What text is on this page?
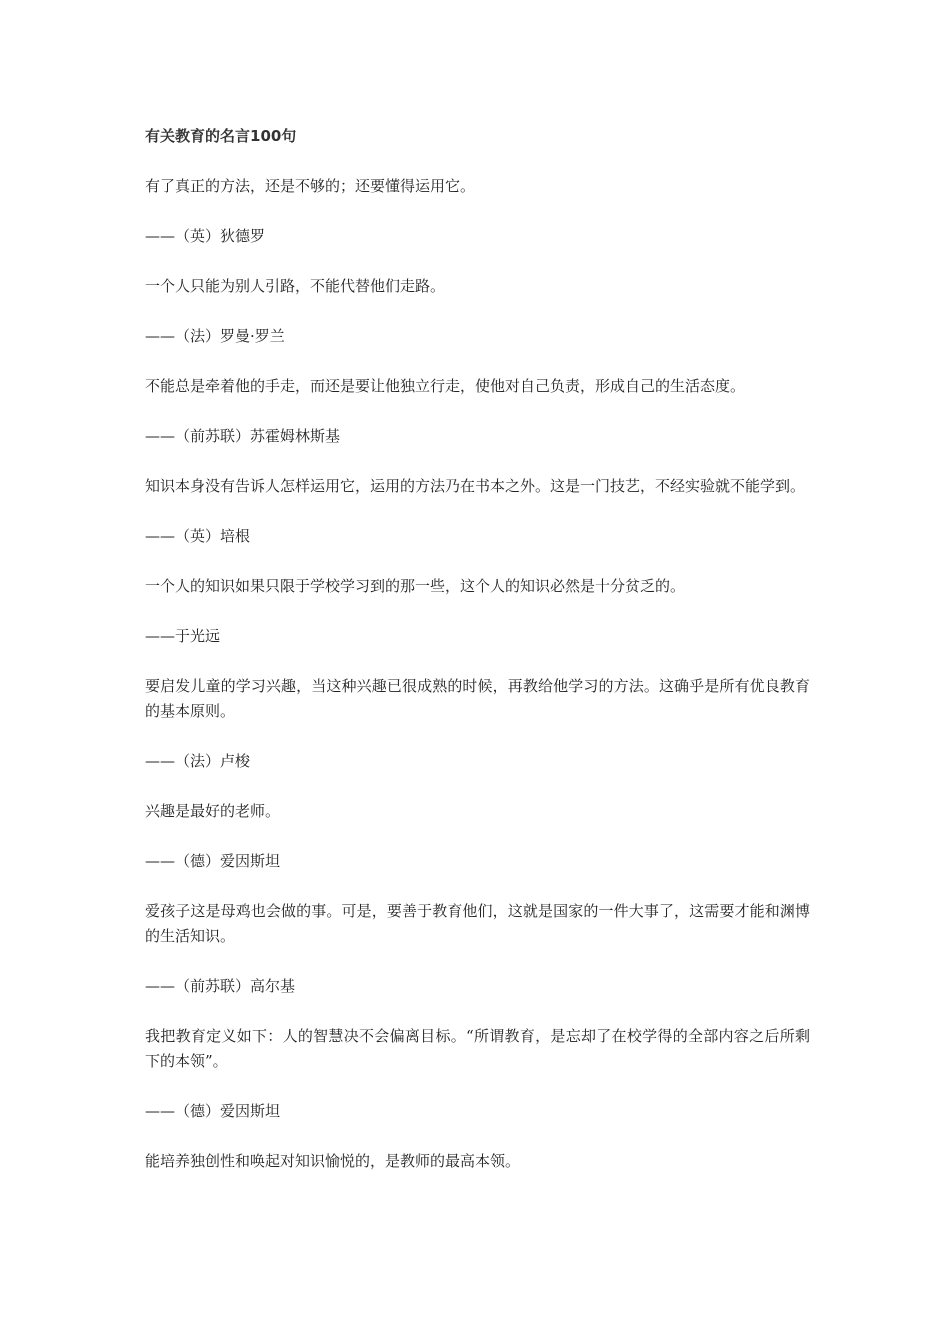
有关教育的名言100句

有了真正的方法，还是不够的；还要懂得运用它。

——（英）狄德罗

一个人只能为别人引路，不能代替他们走路。

——（法）罗曼·罗兰

不能总是牵着他的手走，而还是要让他独立行走，使他对自己负责，形成自己的生活态度。

——（前苏联）苏霍姆林斯基

知识本身没有告诉人怎样运用它，运用的方法乃在书本之外。这是一门技艺，不经实验就不能学到。

——（英）培根

一个人的知识如果只限于学校学习到的那一些，这个人的知识必然是十分贫乏的。

——于光远

要启发儿童的学习兴趣，当这种兴趣已很成熟的时候，再教给他学习的方法。这确乎是所有优良教育的基本原则。

——（法）卢梭

兴趣是最好的老师。

——（德）爱因斯坦

爱孩子这是母鸡也会做的事。可是，要善于教育他们，这就是国家的一件大事了，这需要才能和渊博的生活知识。

——（前苏联）高尔基

我把教育定义如下：人的智慧决不会偏离目标。“所谓教育，是忘却了在校学得的全部内容之后所剩下的本领”。

——（德）爱因斯坦

能培养独创性和唤起对知识愉悦的，是教师的最高本领。
